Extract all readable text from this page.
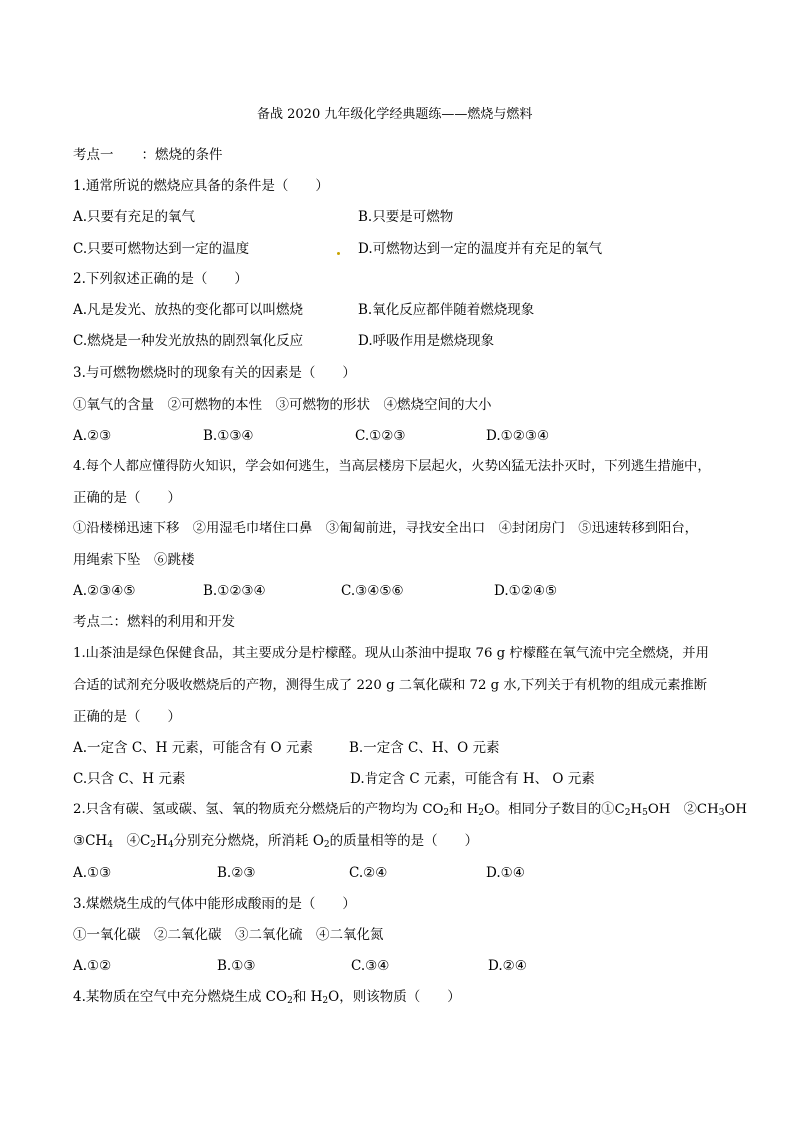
备战 2020 九年级化学经典题练——燃烧与燃料
考点一 ：燃烧的条件
1.通常所说的燃烧应具备的条件是（　　）
A.只要有充足的氧气	B.只要是可燃物
C.只要可燃物达到一定的温度	D.可燃物达到一定的温度并有充足的氧气
2.下列叙述正确的是（　　）
A.凡是发光、放热的变化都可以叫燃烧	B.氧化反应都伴随着燃烧现象
C.燃烧是一种发光放热的剧烈氧化反应	D.呼吸作用是燃烧现象
3.与可燃物燃烧时的现象有关的因素是（　　）
①氧气的含量　②可燃物的本性　③可燃物的形状　④燃烧空间的大小
A.②③	B.①③④	C.①②③	D.①②③④
4.每个人都应懂得防火知识，学会如何逃生，当高层楼房下层起火，火势凶猛无法扑灭时，下列逃生措施中，
正确的是（　　）
①沿楼梯迅速下移　②用湿毛巾堵住口鼻　③匍匐前进，寻找安全出口　④封闭房门　⑤迅速转移到阳台，
用绳索下坠　⑥跳楼
A.②③④⑤	B.①②③④	C.③④⑤⑥	D.①②④⑤
考点二：燃料的利用和开发
1.山茶油是绿色保健食品，其主要成分是柠檬醛。现从山茶油中提取 76 g 柠檬醛在氧气流中完全燃烧，并用
合适的试剂充分吸收燃烧后的产物，测得生成了 220 g 二氧化碳和 72 g 水,下列关于有机物的组成元素推断
正确的是（　　）
A.一定含 C、H 元素，可能含有 O 元素	B.一定含 C、H、O 元素
C.只含 C、H 元素	D.肯定含 C 元素，可能含有 H、 O 元素
2.只含有碳、氢或碳、氢、氧的物质充分燃烧后的产物均为 $CO_2$和 $H_2O$。相同分子数目的$①C_2H_5OH$　$②CH_3OH$
$③CH_4$　$④C_2H_4$分别充分燃烧，所消耗 $O_2$的质量相等的是（　　）
A.①③	B.②③	C.②④	D.①④
3.煤燃烧生成的气体中能形成酸雨的是（　　）
①一氧化碳　②二氧化碳　③二氧化硫　④二氧化氮
A.①②	B.①③	C.③④	D.②④
4.某物质在空气中充分燃烧生成 $CO_2$和 $H_2O$，则该物质（　　）
